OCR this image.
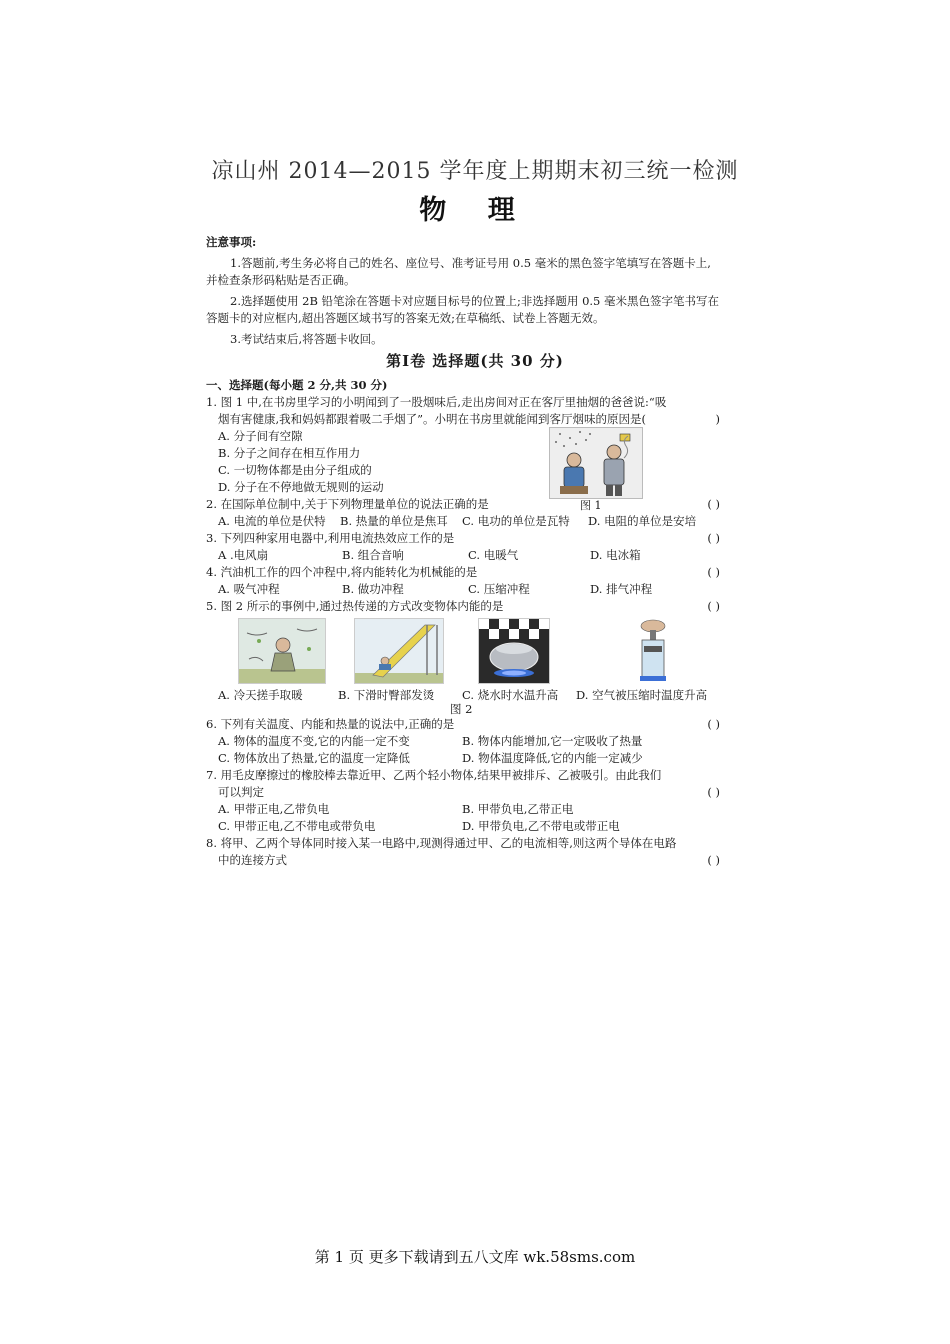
凉山州 2014—2015 学年度上期期末初三统一检测
物 理
注意事项:
1.答题前,考生务必将自己的姓名、座位号、准考证号用 0.5 毫米的黑色签字笔填写在答题卡上,并检查条形码粘贴是否正确。
2.选择题使用 2B 铅笔涂在答题卡对应题目标号的位置上;非选择题用 0.5 毫米黑色签字笔书写在答题卡的对应框内,超出答题区域书写的答案无效;在草稿纸、试卷上答题无效。
3.考试结束后,将答题卡收回。
第Ⅰ卷 选择题(共 30 分)
一、选择题(每小题 2 分,共 30 分)
1. 图 1 中,在书房里学习的小明闻到了一股烟味后,走出房间对正在客厅里抽烟的爸爸说:“吸
烟有害健康,我和妈妈都跟着吸二手烟了”。小明在书房里就能闻到客厅烟味的原因是(	)
A. 分子间有空隙
B. 分子之间存在相互作用力
C. 一切物体都是由分子组成的
D. 分子在不停地做无规则的运动
图 1
2. 在国际单位制中,关于下列物理量单位的说法正确的是	( )
A. 电流的单位是伏特 B. 热量的单位是焦耳 C. 电功的单位是瓦特 D. 电阻的单位是安培
3. 下列四种家用电器中,利用电流热效应工作的是	( )
A .电风扇	B. 组合音响	C. 电暖气	D. 电冰箱
4. 汽油机工作的四个冲程中,将内能转化为机械能的是	( )
A. 吸气冲程	B. 做功冲程	C. 压缩冲程	D. 排气冲程
5. 图 2 所示的事例中,通过热传递的方式改变物体内能的是	( )
A. 冷天搓手取暖	B. 下滑时臀部发烫 C. 烧水时水温升高 D. 空气被压缩时温度升高
图 2
6. 下列有关温度、内能和热量的说法中,正确的是	( )
A. 物体的温度不变,它的内能一定不变	B. 物体内能增加,它一定吸收了热量
C. 物体放出了热量,它的温度一定降低	D. 物体温度降低,它的内能一定减少
7. 用毛皮摩擦过的橡胶棒去靠近甲、乙两个轻小物体,结果甲被排斥、乙被吸引。由此我们
可以判定	( )
A. 甲带正电,乙带负电	B. 甲带负电,乙带正电
C. 甲带正电,乙不带电或带负电	D. 甲带负电,乙不带电或带正电
8. 将甲、乙两个导体同时接入某一电路中,现测得通过甲、乙的电流相等,则这两个导体在电路
中的连接方式	( )
第 1 页 更多下载请到五八文库 wk.58sms.com
